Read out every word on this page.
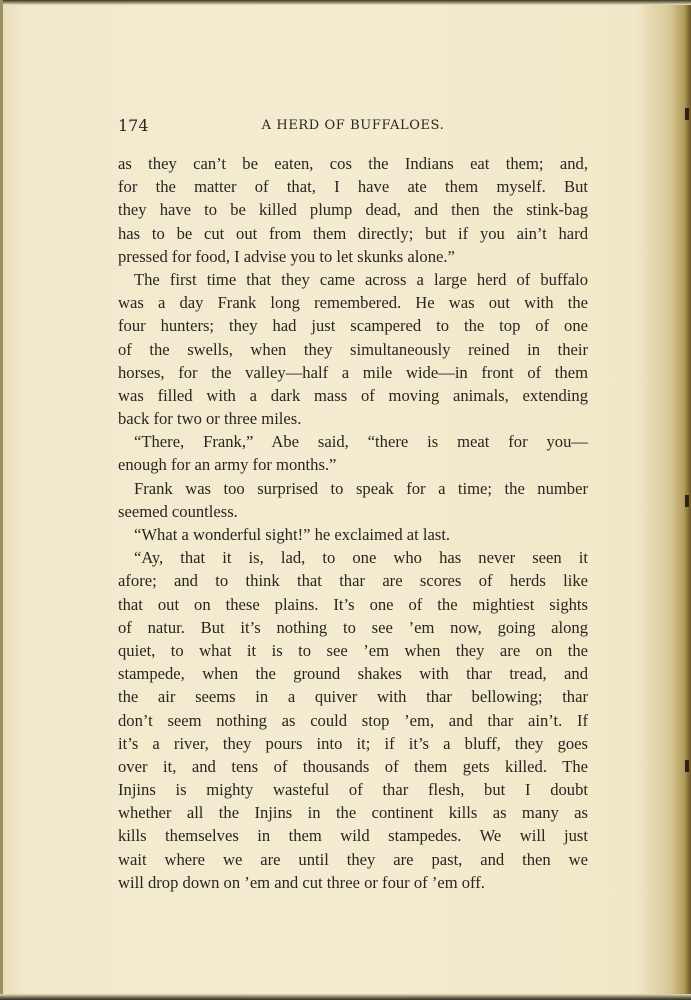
174	A HERD OF BUFFALOES.
as they can’t be eaten, cos the Indians eat them; and,
for the matter of that, I have ate them myself. But
they have to be killed plump dead, and then the stink-bag
has to be cut out from them directly; but if you ain’t hard
pressed for food, I advise you to let skunks alone.”
The first time that they came across a large herd of buffalo
was a day Frank long remembered. He was out with the
four hunters; they had just scampered to the top of one
of the swells, when they simultaneously reined in their
horses, for the valley—half a mile wide—in front of them
was filled with a dark mass of moving animals, extending
back for two or three miles.
“There, Frank,” Abe said, “there is meat for you—
enough for an army for months.”
Frank was too surprised to speak for a time; the number
seemed countless.
“What a wonderful sight!” he exclaimed at last.
“Ay, that it is, lad, to one who has never seen it
afore; and to think that thar are scores of herds like
that out on these plains. It’s one of the mightiest sights
of natur. But it’s nothing to see ’em now, going along
quiet, to what it is to see ’em when they are on the
stampede, when the ground shakes with thar tread, and
the air seems in a quiver with thar bellowing; thar
don’t seem nothing as could stop ’em, and thar ain’t. If
it’s a river, they pours into it; if it’s a bluff, they goes
over it, and tens of thousands of them gets killed. The
Injins is mighty wasteful of thar flesh, but I doubt
whether all the Injins in the continent kills as many as
kills themselves in them wild stampedes. We will just
wait where we are until they are past, and then we
will drop down on ’em and cut three or four of ’em off.
